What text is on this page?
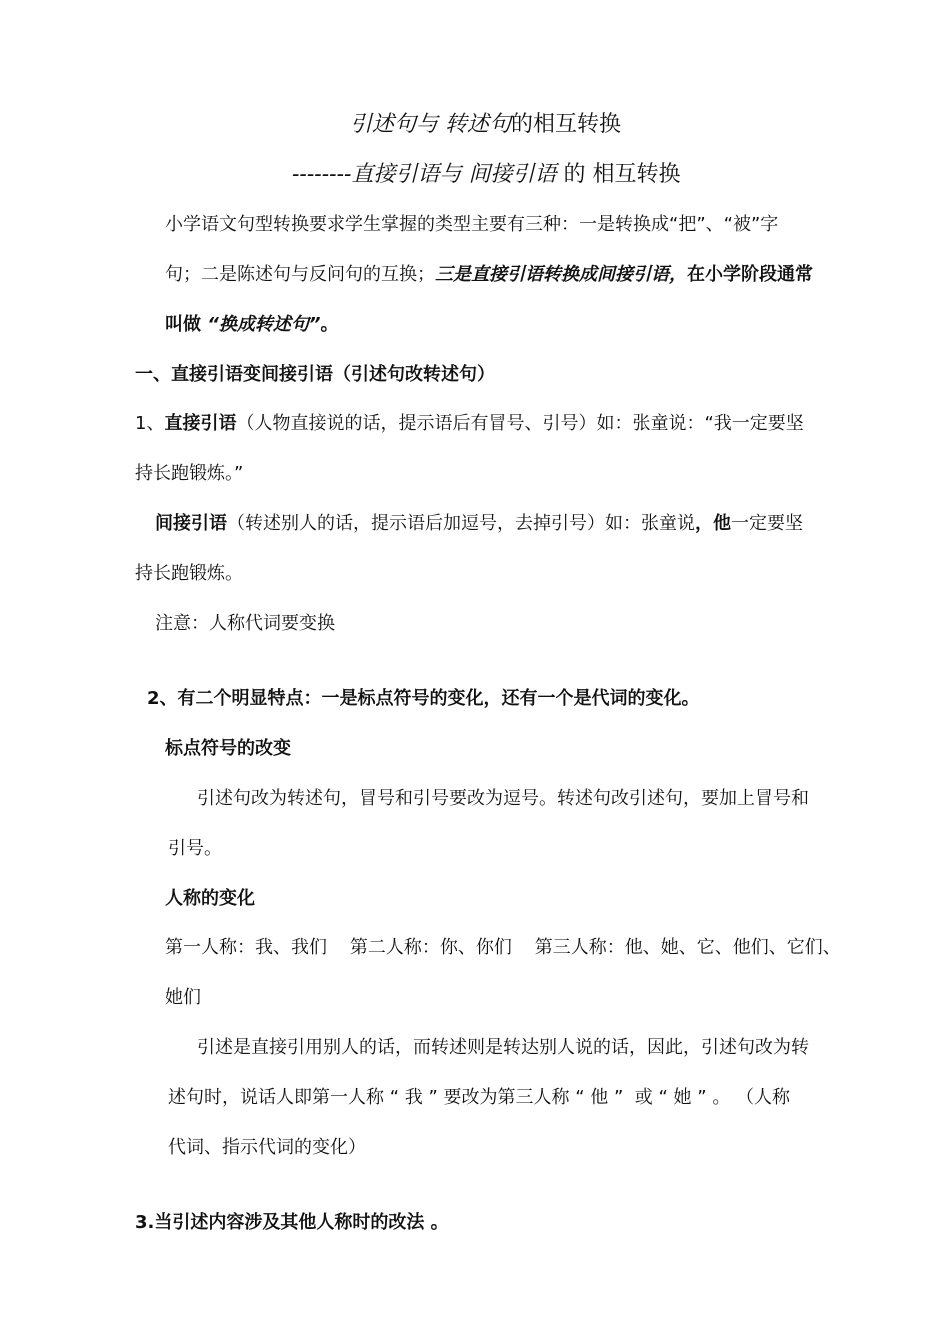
引述句与 转述句的相互转换
--------直接引语与 间接引语 的 相互转换
小学语文句型转换要求学生掌握的类型主要有三种：一是转换成“把”、“被”字
句；二是陈述句与反问句的互换；三是直接引语转换成间接引语，在小学阶段通常
叫做 “换成转述句”。
一、直接引语变间接引语（引述句改转述句）
1、直接引语（人物直接说的话，提示语后有冒号、引号）如：张童说：“我一定要坚
持长跑锻炼。”
间接引语（转述别人的话，提示语后加逗号，去掉引号）如：张童说，他一定要坚
持长跑锻炼。
注意：人称代词要变换
2、有二个明显特点：一是标点符号的变化，还有一个是代词的变化。
标点符号的改变
引述句改为转述句，冒号和引号要改为逗号。转述句改引述句，要加上冒号和
引号。
人称的变化
第一人称：我、我们    第二人称：你、你们    第三人称：他、她、它、他们、它们、
她们
引述是直接引用别人的话，而转述则是转达别人说的话，因此，引述句改为转
述句时，说话人即第一人称 “ 我 ” 要改为第三人称 “ 他 ”  或 “ 她 ” 。 （人称
代词、指示代词的变化）
3.当引述内容涉及其他人称时的改法 。
